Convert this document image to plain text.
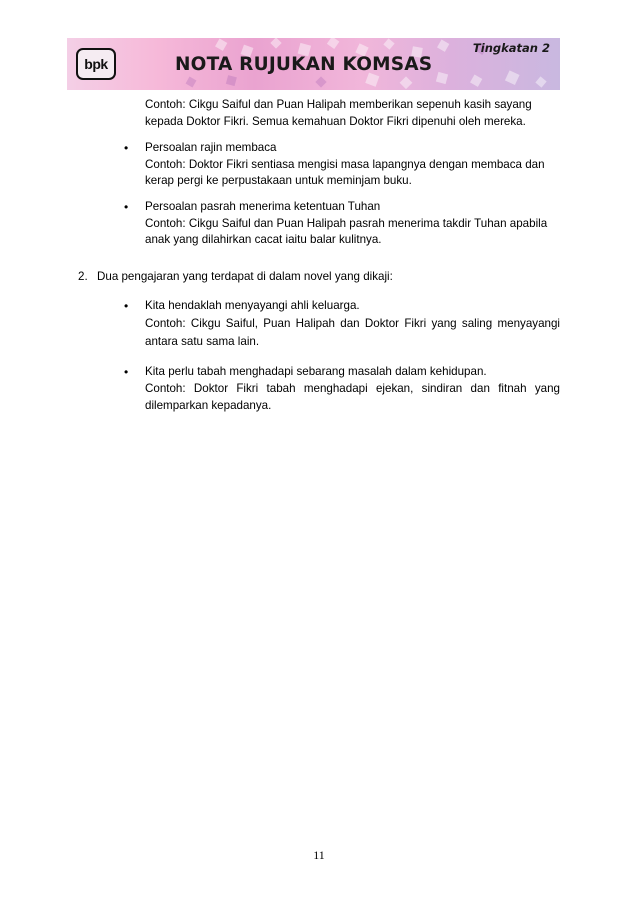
bpk	NOTA RUJUKAN KOMSAS
Tingkatan 2
Contoh: Cikgu Saiful dan Puan Halipah memberikan sepenuh kasih sayang
kepada Doktor Fikri. Semua kemahuan Doktor Fikri dipenuhi oleh mereka.
• Persoalan rajin membaca
Contoh: Doktor Fikri sentiasa mengisi masa lapangnya dengan membaca dan
kerap pergi ke perpustakaan untuk meminjam buku.
• Persoalan pasrah menerima ketentuan Tuhan
Contoh: Cikgu Saiful dan Puan Halipah pasrah menerima takdir Tuhan apabila
anak yang dilahirkan cacat iaitu balar kulitnya.
2. Dua pengajaran yang terdapat di dalam novel yang dikaji:
• Kita hendaklah menyayangi ahli keluarga.
Contoh: Cikgu Saiful, Puan Halipah dan Doktor Fikri yang saling menyayangi
antara satu sama lain.
• Kita perlu tabah menghadapi sebarang masalah dalam kehidupan.
Contoh: Doktor Fikri tabah menghadapi ejekan, sindiran dan fitnah yang
dilemparkan kepadanya.
11
